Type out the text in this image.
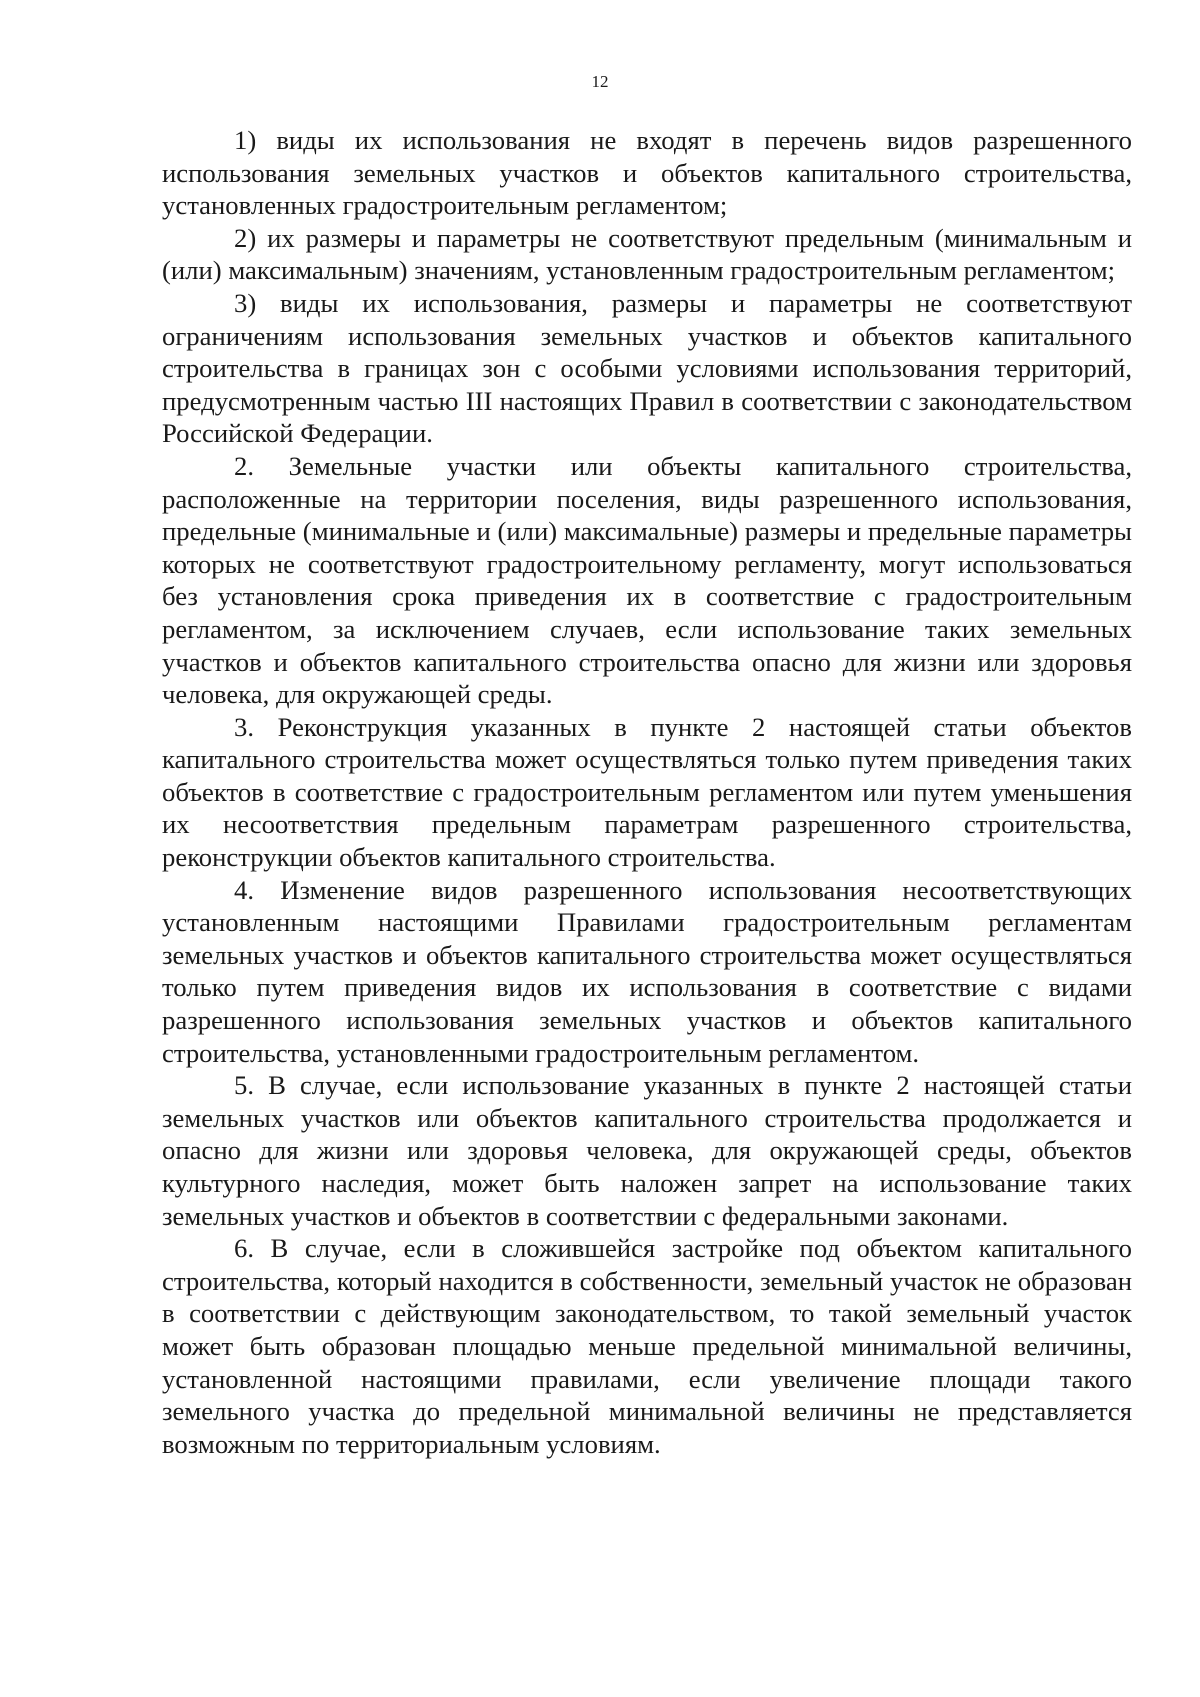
12

1) виды их использования не входят в перечень видов разрешенного использования земельных участков и объектов капитального строительства, установленных градостроительным регламентом;

2) их размеры и параметры не соответствуют предельным (минимальным и (или) максимальным) значениям, установленным градостроительным регламентом;

3) виды их использования, размеры и параметры не соответствуют ограничениям использования земельных участков и объектов капитального строительства в границах зон с особыми условиями использования территорий, предусмотренным частью III настоящих Правил в соответствии с законодательством Российской Федерации.

2. Земельные участки или объекты капитального строительства, расположенные на территории поселения, виды разрешенного использования, предельные (минимальные и (или) максимальные) размеры и предельные параметры которых не соответствуют градостроительному регламенту, могут использоваться без установления срока приведения их в соответствие с градостроительным регламентом, за исключением случаев, если использование таких земельных участков и объектов капитального строительства опасно для жизни или здоровья человека, для окружающей среды.

3. Реконструкция указанных в пункте 2 настоящей статьи объектов капитального строительства может осуществляться только путем приведения таких объектов в соответствие с градостроительным регламентом или путем уменьшения их несоответствия предельным параметрам разрешенного строительства, реконструкции объектов капитального строительства.

4. Изменение видов разрешенного использования несоответствующих установленным настоящими Правилами градостроительным регламентам земельных участков и объектов капитального строительства может осуществляться только путем приведения видов их использования в соответствие с видами разрешенного использования земельных участков и объектов капитального строительства, установленными градостроительным регламентом.

5. В случае, если использование указанных в пункте 2 настоящей статьи земельных участков или объектов капитального строительства продолжается и опасно для жизни или здоровья человека, для окружающей среды, объектов культурного наследия, может быть наложен запрет на использование таких земельных участков и объектов в соответствии с федеральными законами.

6. В случае, если в сложившейся застройке под объектом капитального строительства, который находится в собственности, земельный участок не образован в соответствии с действующим законодательством, то такой земельный участок может быть образован площадью меньше предельной минимальной величины, установленной настоящими правилами, если увеличение площади такого земельного участка до предельной минимальной величины не представляется возможным по территориальным условиям.
